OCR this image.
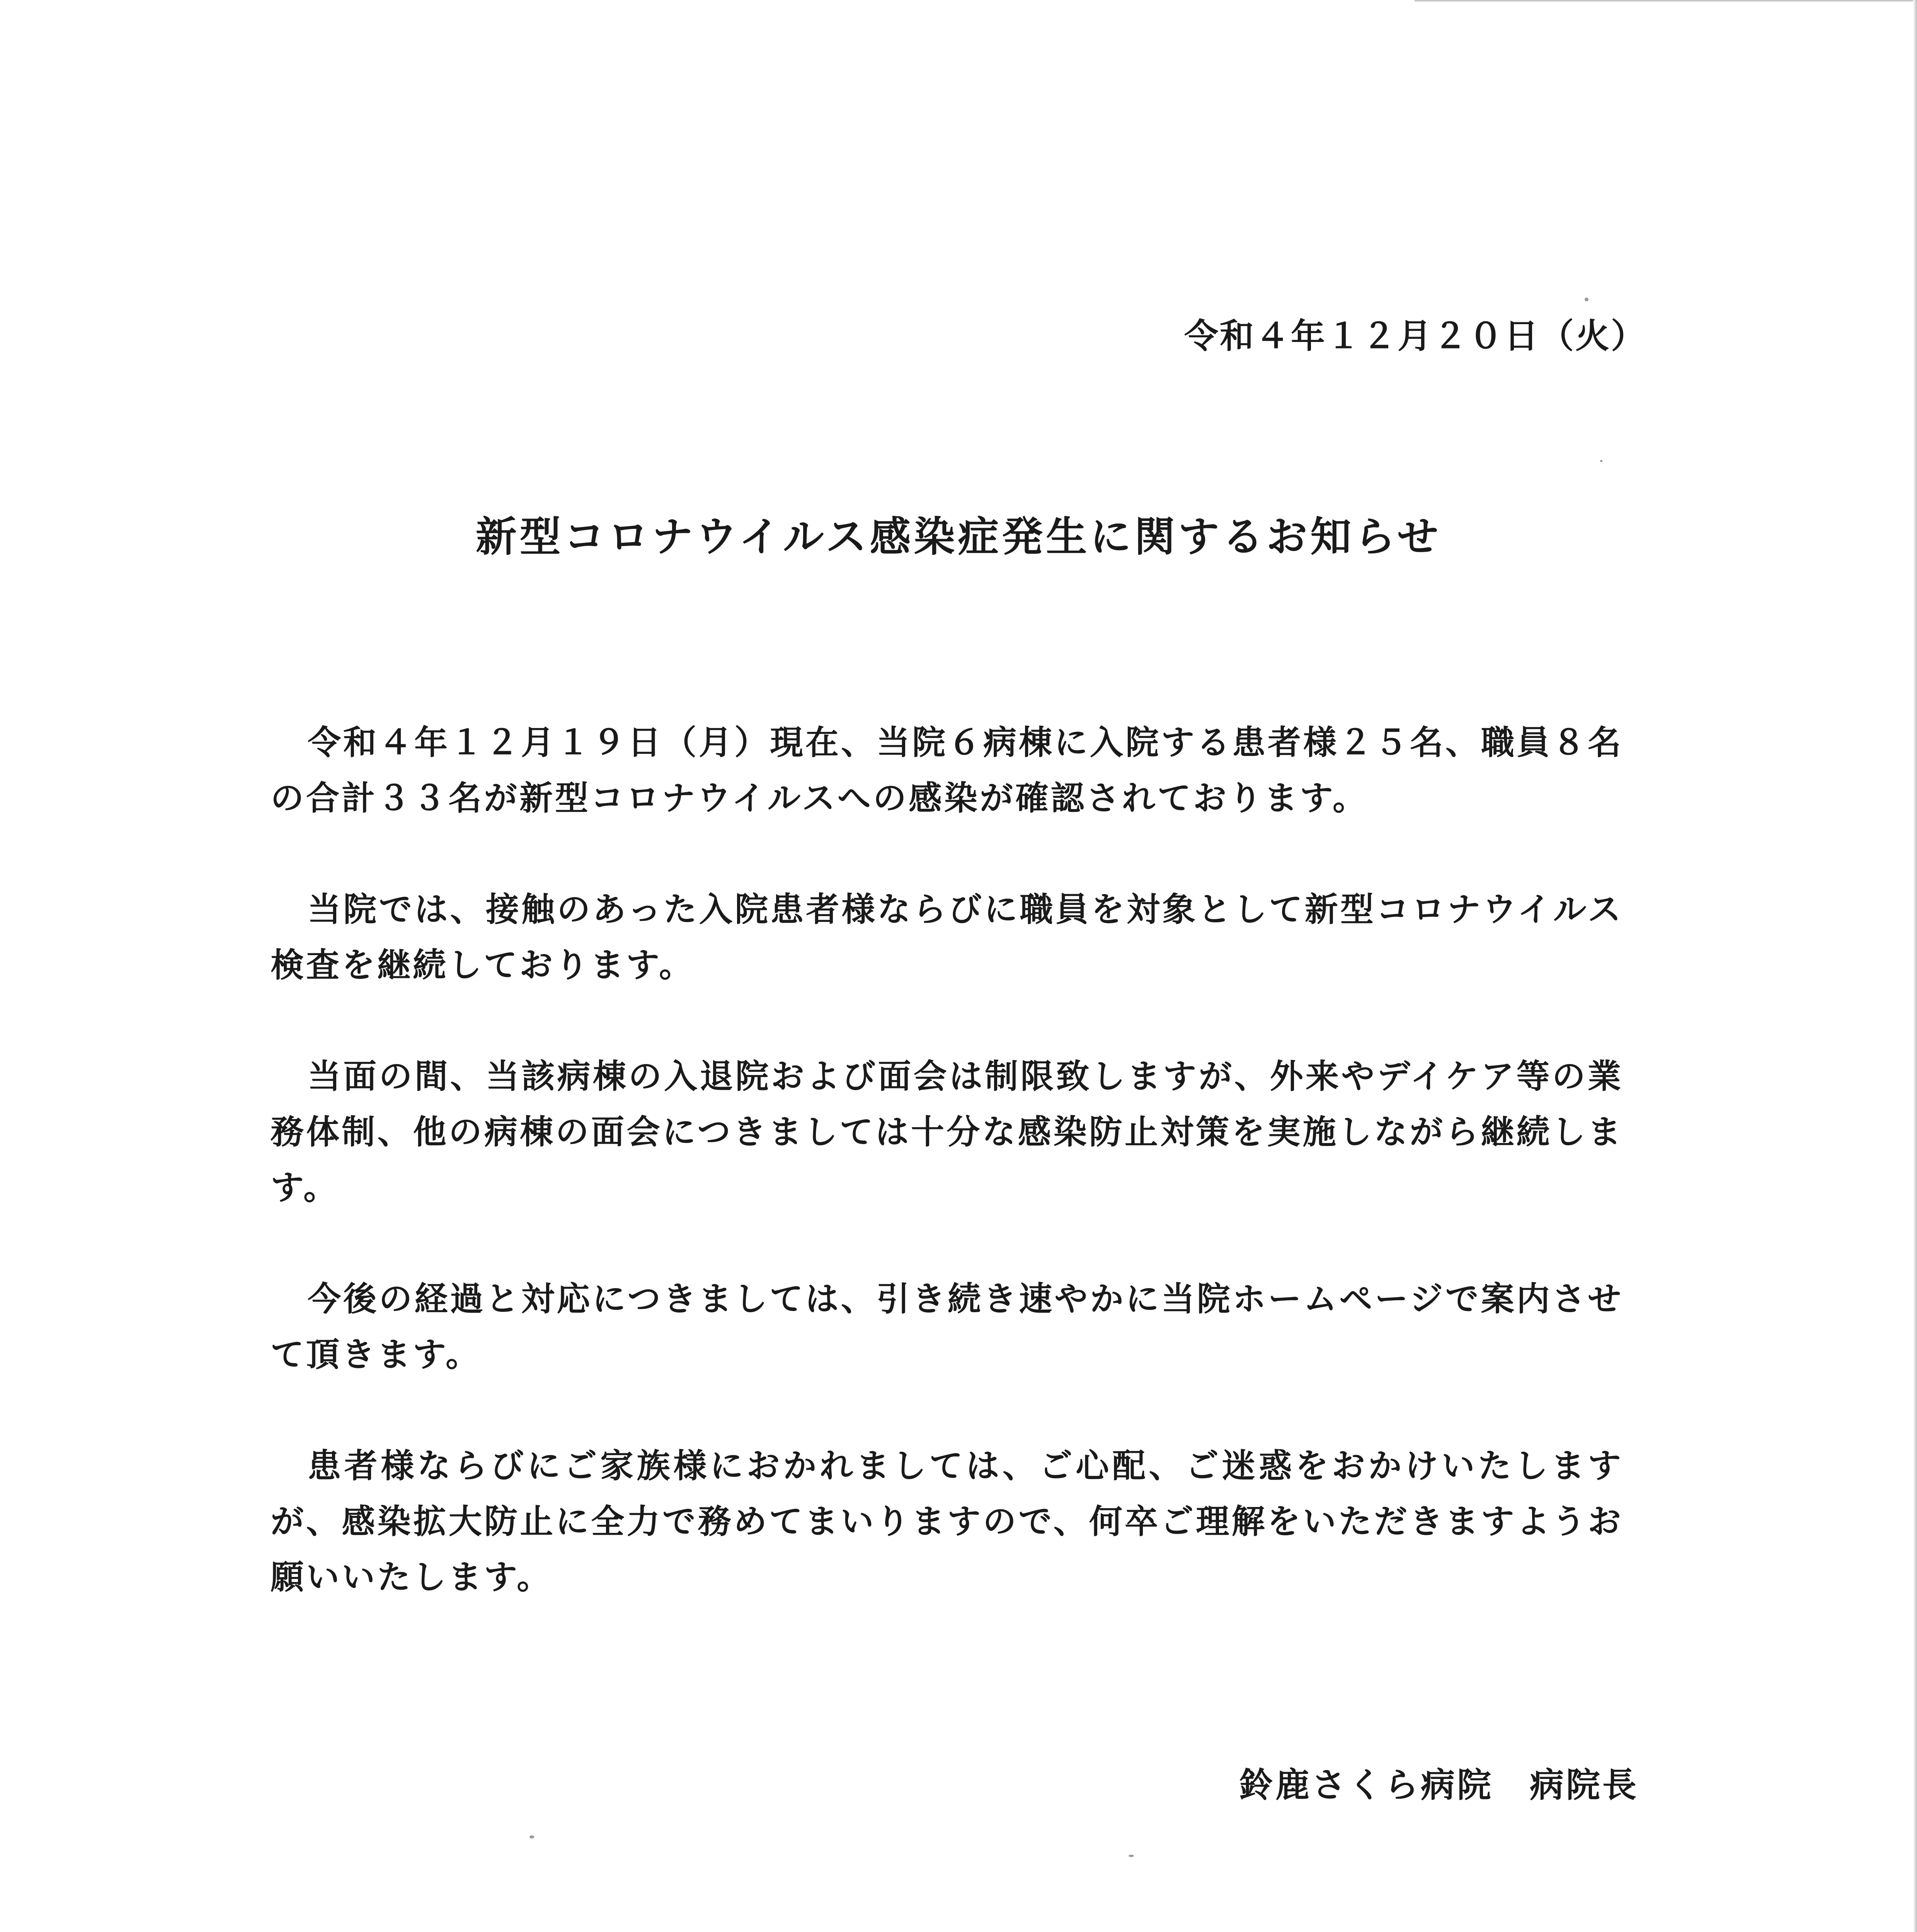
令和４年１２月２０日（火）
新型コロナウイルス感染症発生に関するお知らせ

令和４年１２月１９日（月）現在、当院６病棟に入院する患者様２５名、職員８名の合計３３名が新型コロナウイルスへの感染が確認されております。

当院では、接触のあった入院患者様ならびに職員を対象として新型コロナウイルス検査を継続しております。

当面の間、当該病棟の入退院および面会は制限致しますが、外来やデイケア等の業務体制、他の病棟の面会につきましては十分な感染防止対策を実施しながら継続します。

今後の経過と対応につきましては、引き続き速やかに当院ホームページで案内させて頂きます。

患者様ならびにご家族様におかれましては、ご心配、ご迷惑をおかけいたしますが、感染拡大防止に全力で務めてまいりますので、何卒ご理解をいただきますようお願いいたします。

鈴鹿さくら病院　病院長
